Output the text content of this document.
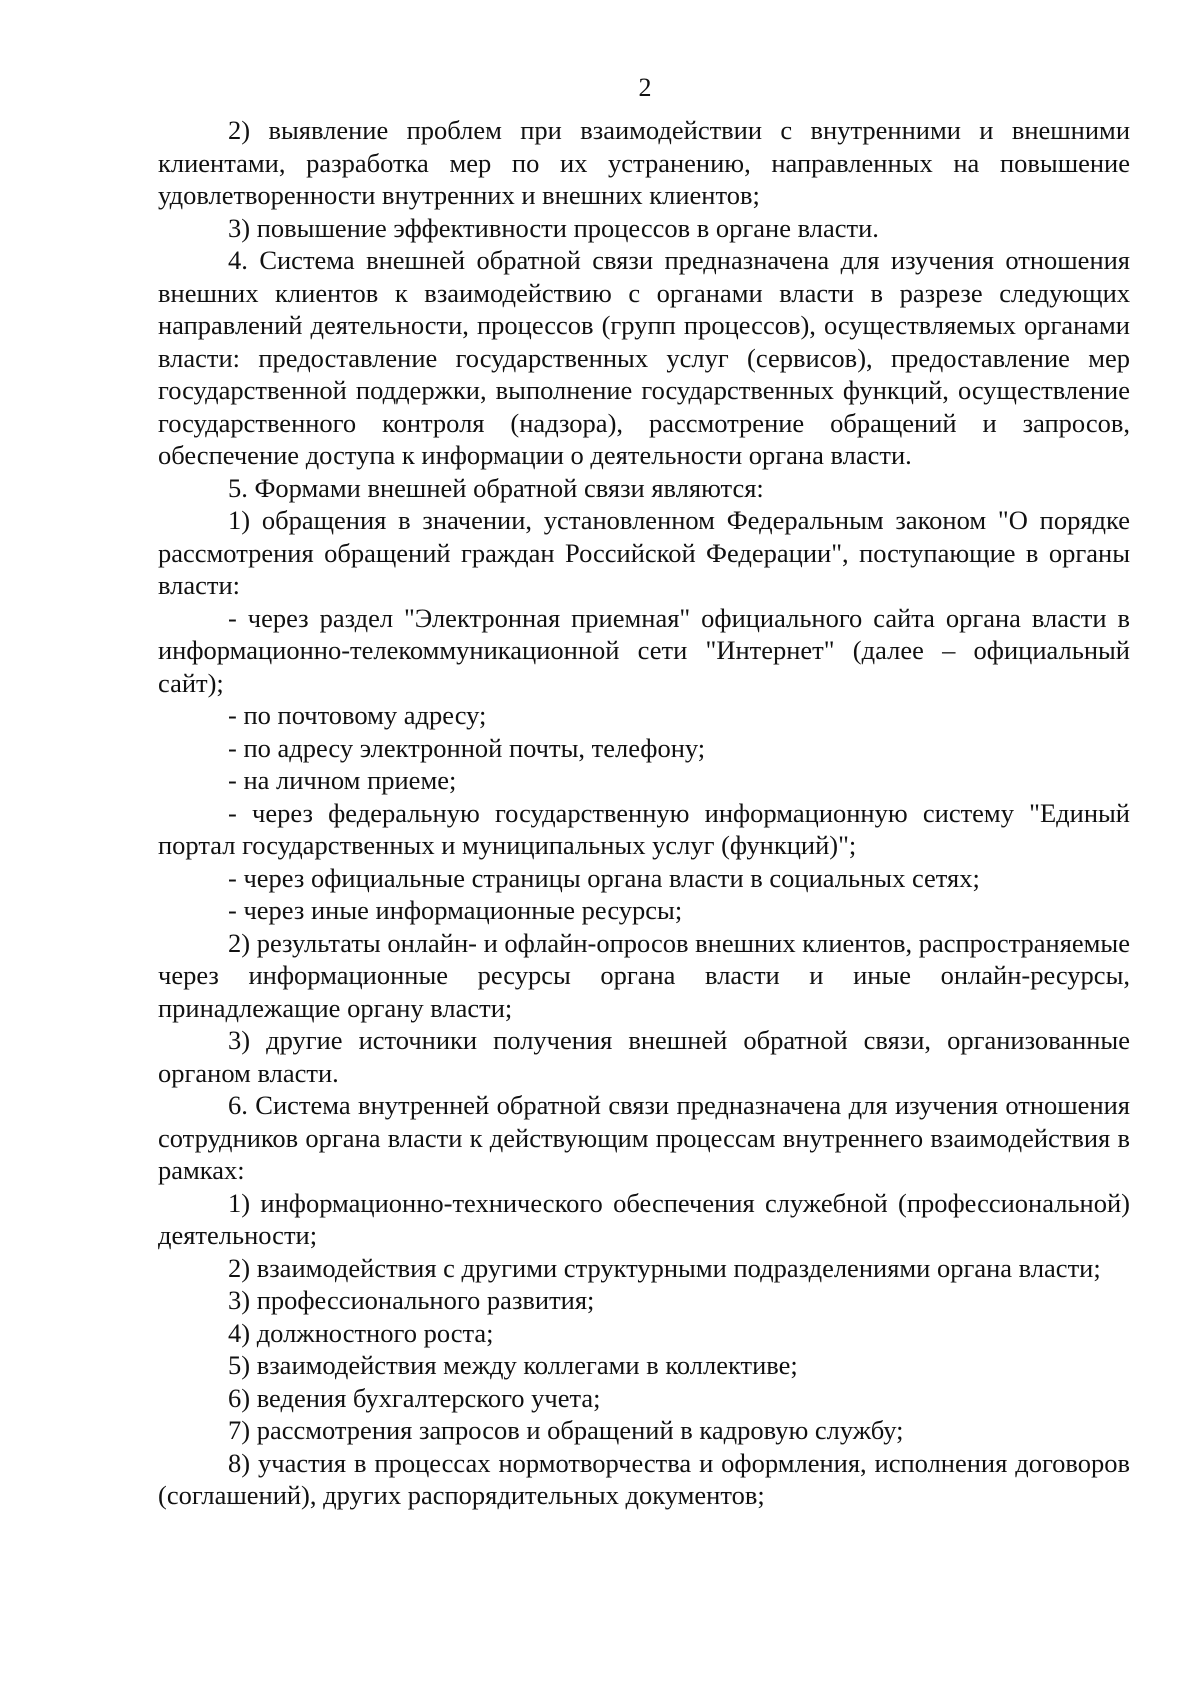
2

2) выявление проблем при взаимодействии с внутренними и внешними клиентами, разработка мер по их устранению, направленных на повышение удовлетворенности внутренних и внешних клиентов;

3) повышение эффективности процессов в органе власти.

4. Система внешней обратной связи предназначена для изучения отношения внешних клиентов к взаимодействию с органами власти в разрезе следующих направлений деятельности, процессов (групп процессов), осуществляемых органами власти: предоставление государственных услуг (сервисов), предоставление мер государственной поддержки, выполнение государственных функций, осуществление государственного контроля (надзора), рассмотрение обращений и запросов, обеспечение доступа к информации о деятельности органа власти.

5. Формами внешней обратной связи являются:

1) обращения в значении, установленном Федеральным законом "О порядке рассмотрения обращений граждан Российской Федерации", поступающие в органы власти:

- через раздел "Электронная приемная" официального сайта органа власти в информационно-телекоммуникационной сети "Интернет" (далее – официальный сайт);

- по почтовому адресу;

- по адресу электронной почты, телефону;

- на личном приеме;

- через федеральную государственную информационную систему "Единый портал государственных и муниципальных услуг (функций)";

- через официальные страницы органа власти в социальных сетях;

- через иные информационные ресурсы;

2) результаты онлайн- и офлайн-опросов внешних клиентов, распространяемые через информационные ресурсы органа власти и иные онлайн-ресурсы, принадлежащие органу власти;

3) другие источники получения внешней обратной связи, организованные органом власти.

6. Система внутренней обратной связи предназначена для изучения отношения сотрудников органа власти к действующим процессам внутреннего взаимодействия в рамках:

1) информационно-технического обеспечения служебной (профессиональной) деятельности;

2) взаимодействия с другими структурными подразделениями органа власти;

3) профессионального развития;

4) должностного роста;

5) взаимодействия между коллегами в коллективе;

6) ведения бухгалтерского учета;

7) рассмотрения запросов и обращений в кадровую службу;

8) участия в процессах нормотворчества и оформления, исполнения договоров (соглашений), других распорядительных документов;
